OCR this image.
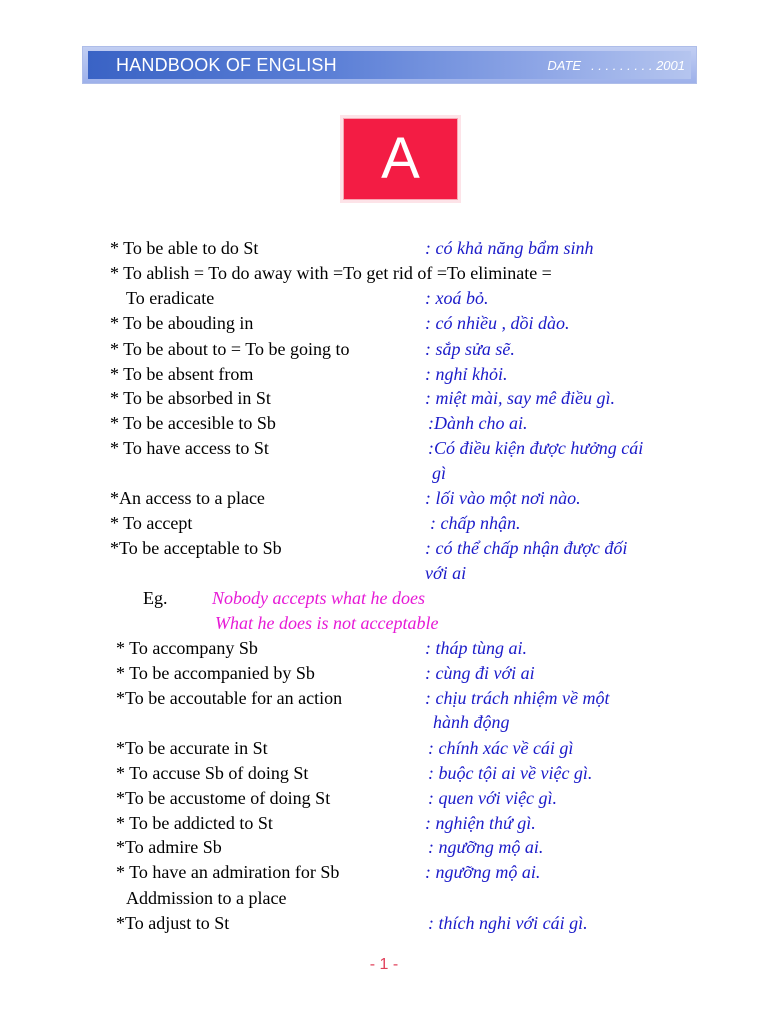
HANDBOOK OF ENGLISH	DATE . . . . . . . . . 2001
A
* To be able to do St	: có khả năng bẩm sinh
* To ablish = To do away with =To get rid of =To eliminate =
To eradicate	: xoá bỏ.
* To be abouding in	: có nhiều , dồi dào.
* To be about to = To be going to	: sắp sửa sẽ.
* To be absent from	: nghỉ khỏi.
* To be absorbed in St	: miệt mài, say mê điều gì.
* To be accesible to Sb	:Dành cho ai.
* To have access to St	:Có điều kiện được hưởng cái
gì
*An access to a place	: lối vào một nơi nào.
* To accept	: chấp nhận.
*To be acceptable to Sb	: có thể chấp nhận được đối
với ai
Eg. Nobody accepts what he does
What he does is not acceptable
* To accompany Sb	: tháp tùng ai.
* To be accompanied by Sb	: cùng đi với ai
*To be accoutable for an action	: chịu trách nhiệm về một
hành động
*To be accurate in St	: chính xác về cái gì
* To accuse Sb of doing St	: buộc tội ai về việc gì.
*To be accustome of doing St	: quen với việc gì.
* To be addicted to St	: nghiện thứ gì.
*To admire Sb	: ngưỡng mộ ai.
* To have an admiration for Sb	: ngưỡng mộ ai.
Addmission to a place
*To adjust to St	: thích nghi với cái gì.
- 1 -
